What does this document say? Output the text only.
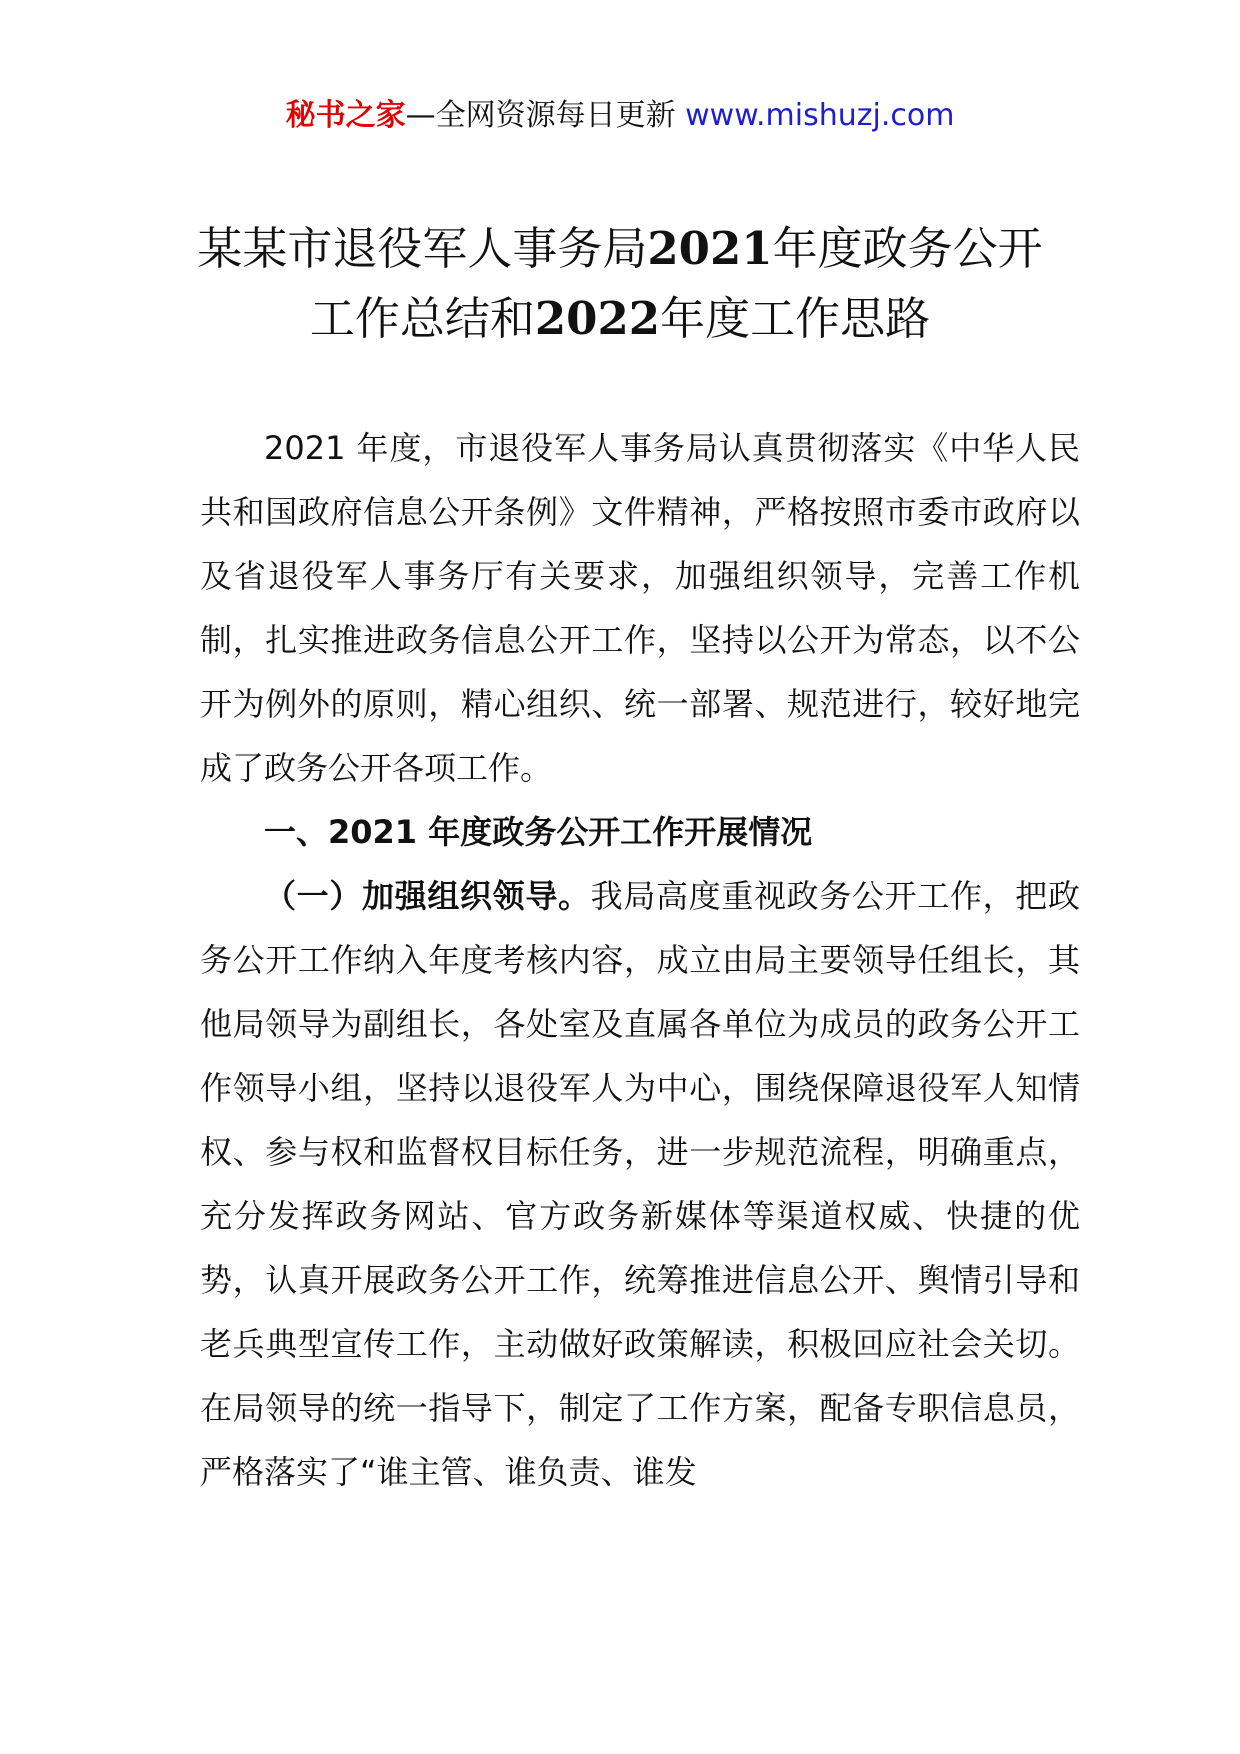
秘书之家—全网资源每日更新 www.mishuzj.com
某某市退役军人事务局2021年度政务公开
工作总结和2022年度工作思路

2021 年度，市退役军人事务局认真贯彻落实《中华人民共和国政府信息公开条例》文件精神，严格按照市委市政府以及省退役军人事务厅有关要求，加强组织领导，完善工作机制，扎实推进政务信息公开工作，坚持以公开为常态，以不公开为例外的原则，精心组织、统一部署、规范进行，较好地完成了政务公开各项工作。

一、2021 年度政务公开工作开展情况

（一）加强组织领导。我局高度重视政务公开工作，把政务公开工作纳入年度考核内容，成立由局主要领导任组长，其他局领导为副组长，各处室及直属各单位为成员的政务公开工作领导小组，坚持以退役军人为中心，围绕保障退役军人知情权、参与权和监督权目标任务，进一步规范流程，明确重点，充分发挥政务网站、官方政务新媒体等渠道权威、快捷的优势，认真开展政务公开工作，统筹推进信息公开、舆情引导和老兵典型宣传工作，主动做好政策解读，积极回应社会关切。在局领导的统一指导下，制定了工作方案，配备专职信息员，严格落实了“谁主管、谁负责、谁发
